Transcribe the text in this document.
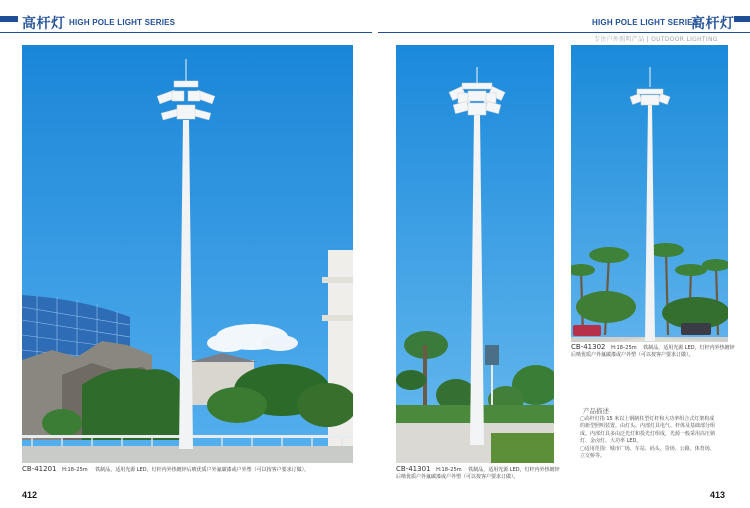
高杆灯 HIGH POLE LIGHT SERIES	HIGH POLE LIGHT SERIES
高杆灯
专注户外照明产品 | OUTDOOR LIGHTING
CB-41201 H:18–25m 铁制品，适用光源 LED，灯杆内外热镀锌后喷优质户外氟碳漆或户外塑（可以按客户要求订做）。	CB-41301 H:18–25m 铁制品，适用光源 LED，灯杆内外热镀锌
后喷优质户外氟碳漆或户外塑（可以按客户要求订做）。
CB-41302 H:18–25m 铁制品，适用光源 LED，灯杆内外热镀锌
后喷优质户外氟碳漆或户外塑（可以按客户要求订做）。
产品描述

▢高杆灯指 15 米以上钢制柱型灯杆和大功率组合式灯架构成

的新型照明装置。由灯头、内部灯具电气、杆体及基础部分组

成。内部灯具多由泛光灯和投光灯组成，光源一般采用高压钠

灯、金卤灯、大功率 LED。

▢适用范围：城市广场、车站、码头、货场、公路、体育场、

立交桥等。

412	413
